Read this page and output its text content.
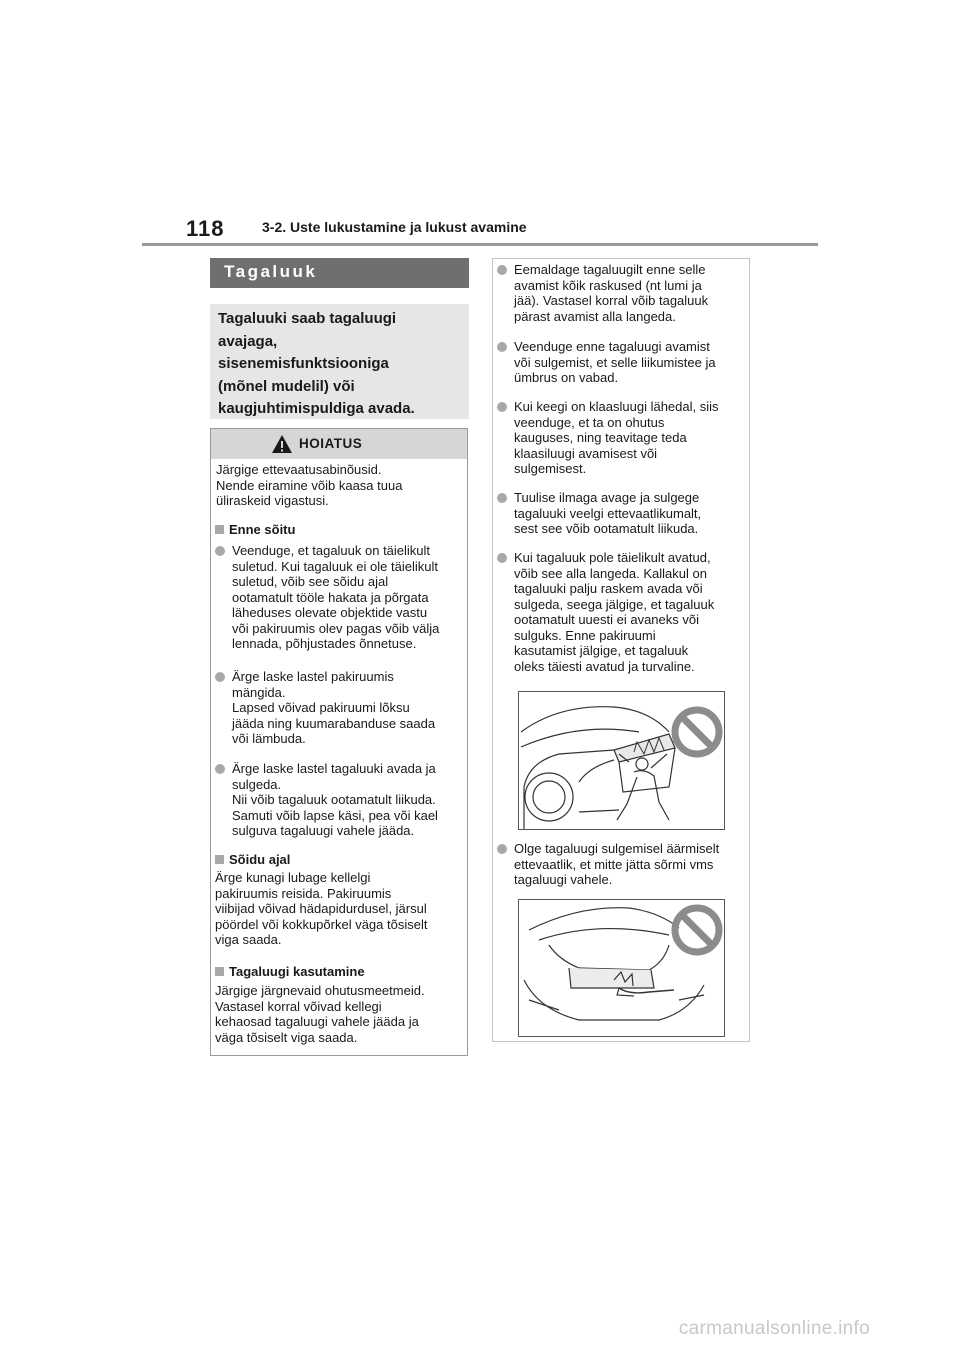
118	3-2. Uste lukustamine ja lukust avamine
Tagaluuk
Tagaluuki saab tagaluugi
avajaga,
sisenemisfunktsiooniga
(mõnel mudelil) või
kaugjuhtimispuldiga avada.
HOIATUS
Järgige ettevaatusabinõusid.
Nende eiramine võib kaasa tuua
üliraskeid vigastusi.
Enne sõitu
Veenduge, et tagaluuk on täielikult
suletud. Kui tagaluuk ei ole täielikult
suletud, võib see sõidu ajal
ootamatult tööle hakata ja põrgata
läheduses olevate objektide vastu
või pakiruumis olev pagas võib välja
lennada, põhjustades õnnetuse.
Ärge laske lastel pakiruumis
mängida.
Lapsed võivad pakiruumi lõksu
jääda ning kuumarabanduse saada
või lämbuda.
Ärge laske lastel tagaluuki avada ja
sulgeda.
Nii võib tagaluuk ootamatult liikuda.
Samuti võib lapse käsi, pea või kael
sulguva tagaluugi vahele jääda.
Sõidu ajal
Ärge kunagi lubage kellelgi
pakiruumis reisida. Pakiruumis
viibijad võivad hädapidurdusel, järsul
pöördel või kokkupõrkel väga tõsiselt
viga saada.
Tagaluugi kasutamine
Järgige järgnevaid ohutusmeetmeid.
Vastasel korral võivad kellegi
kehaosad tagaluugi vahele jääda ja
väga tõsiselt viga saada.
Eemaldage tagaluugilt enne selle
avamist kõik raskused (nt lumi ja
jää). Vastasel korral võib tagaluuk
pärast avamist alla langeda.
Veenduge enne tagaluugi avamist
või sulgemist, et selle liikumistee ja
ümbrus on vabad.
Kui keegi on klaasluugi lähedal, siis
veenduge, et ta on ohutus
kauguses, ning teavitage teda
klaasiluugi avamisest või
sulgemisest.
Tuulise ilmaga avage ja sulgege
tagaluuki veelgi ettevaatlikumalt,
sest see võib ootamatult liikuda.
Kui tagaluuk pole täielikult avatud,
võib see alla langeda. Kallakul on
tagaluuki palju raskem avada või
sulgeda, seega jälgige, et tagaluuk
ootamatult uuesti ei avaneks või
sulguks. Enne pakiruumi
kasutamist jälgige, et tagaluuk
oleks täiesti avatud ja turvaline.
Olge tagaluugi sulgemisel äärmiselt
ettevaatlik, et mitte jätta sõrmi vms
tagaluugi vahele.
carmanualsonline.info
